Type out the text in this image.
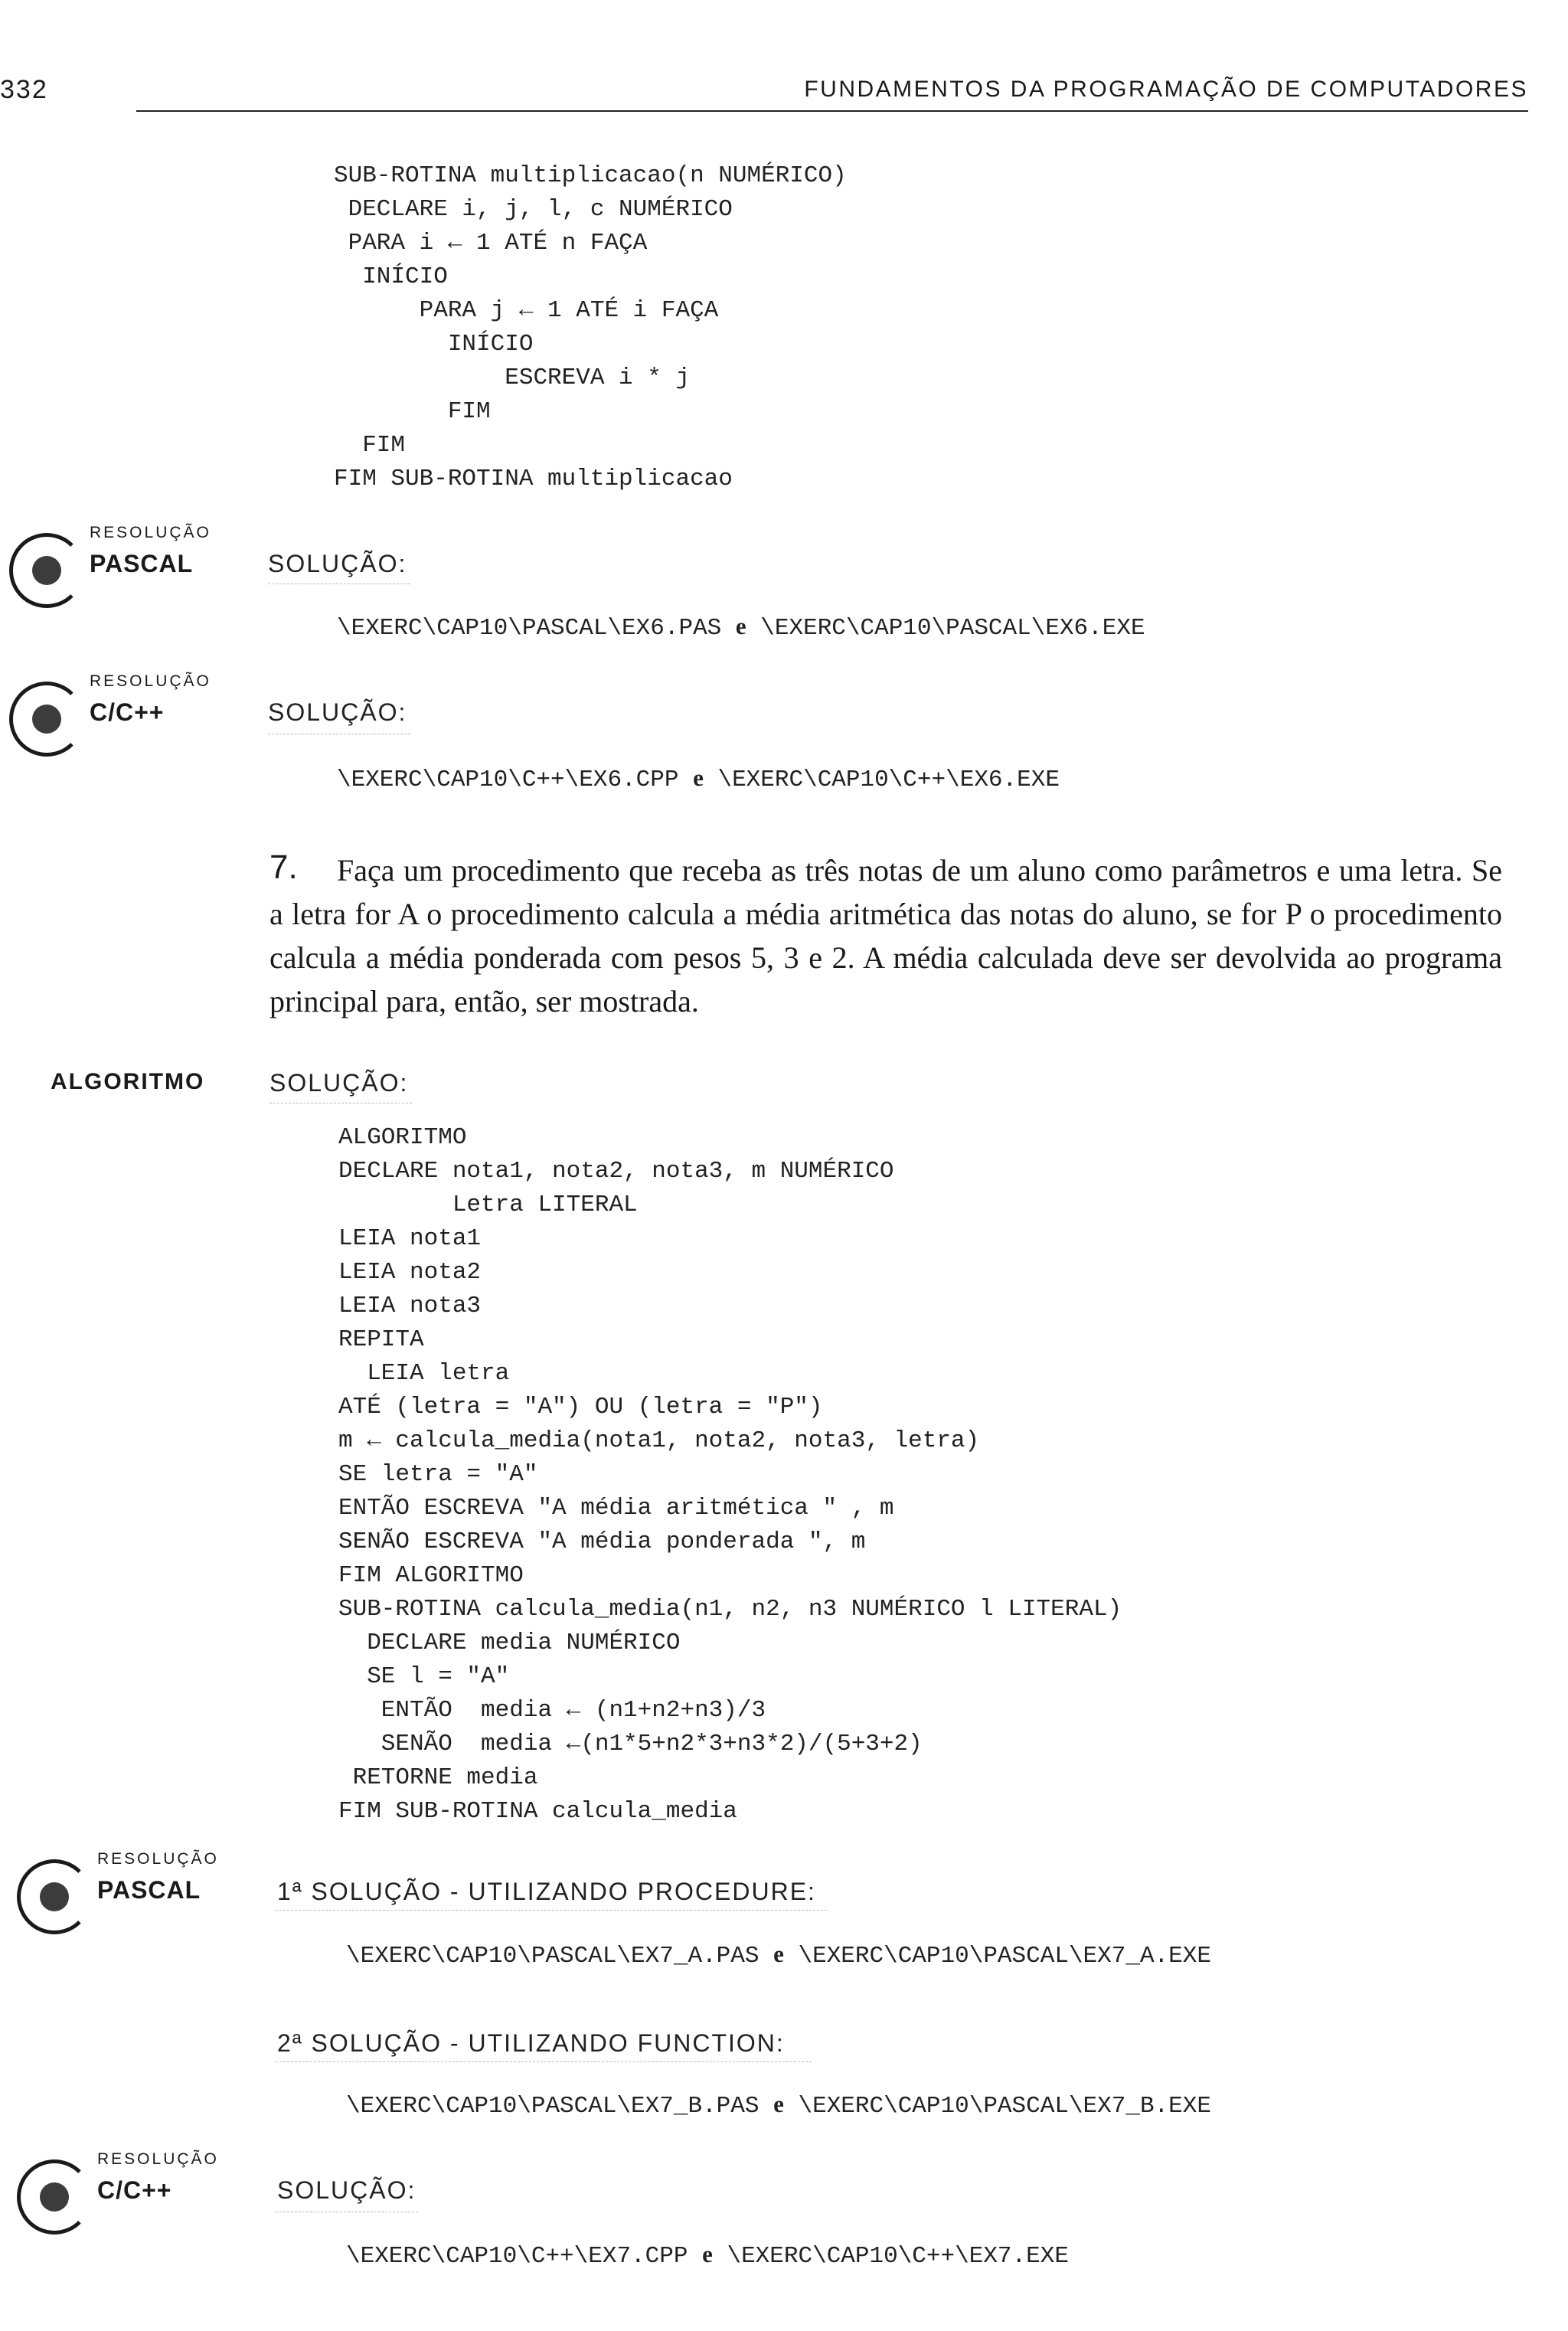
332	FUNDAMENTOS DA PROGRAMAÇÃO DE COMPUTADORES
SUB-ROTINA multiplicacao(n NUMÉRICO)
DECLARE i, j, l, c NUMÉRICO
PARA i ← 1 ATÉ n FAÇA
INÍCIO
PARA j ← 1 ATÉ i FAÇA
INÍCIO
ESCREVA i * j
FIM
FIM
FIM SUB-ROTINA multiplicacao
RESOLUÇÃO
PASCAL	SOLUÇÃO:
\EXERC\CAP10\PASCAL\EX6.PAS e \EXERC\CAP10\PASCAL\EX6.EXE
RESOLUÇÃO
C/C++	SOLUÇÃO:
\EXERC\CAP10\C++\EX6.CPP e \EXERC\CAP10\C++\EX6.EXE

Faça um procedimento que receba as três notas de um aluno como parâmetros e uma letra. Se a letra for A o procedimento calcula a média aritmética das notas do aluno, se for P o procedimento calcula a média ponderada com pesos 5, 3 e 2. A média calculada deve ser devolvida ao programa principal para, então, ser mostrada.

7.
ALGORITMO	SOLUÇÃO:
ALGORITMO
DECLARE nota1, nota2, nota3, m NUMÉRICO
Letra LITERAL
LEIA nota1
LEIA nota2
LEIA nota3
REPITA
LEIA letra
ATÉ (letra = "A") OU (letra = "P")
m ← calcula_media(nota1, nota2, nota3, letra)
SE letra = "A"
ENTÃO ESCREVA "A média aritmética " , m
SENÃO ESCREVA "A média ponderada ", m
FIM ALGORITMO
SUB-ROTINA calcula_media(n1, n2, n3 NUMÉRICO l LITERAL)
DECLARE media NUMÉRICO
SE l = "A"
ENTÃO  media ← (n1+n2+n3)/3
SENÃO  media ←(n1*5+n2*3+n3*2)/(5+3+2)
RETORNE media
FIM SUB-ROTINA calcula_media
RESOLUÇÃO
PASCAL	1ª SOLUÇÃO - UTILIZANDO PROCEDURE:
\EXERC\CAP10\PASCAL\EX7_A.PAS e \EXERC\CAP10\PASCAL\EX7_A.EXE
2ª SOLUÇÃO - UTILIZANDO FUNCTION:
\EXERC\CAP10\PASCAL\EX7_B.PAS e \EXERC\CAP10\PASCAL\EX7_B.EXE
RESOLUÇÃO
C/C++	SOLUÇÃO:
\EXERC\CAP10\C++\EX7.CPP e \EXERC\CAP10\C++\EX7.EXE
